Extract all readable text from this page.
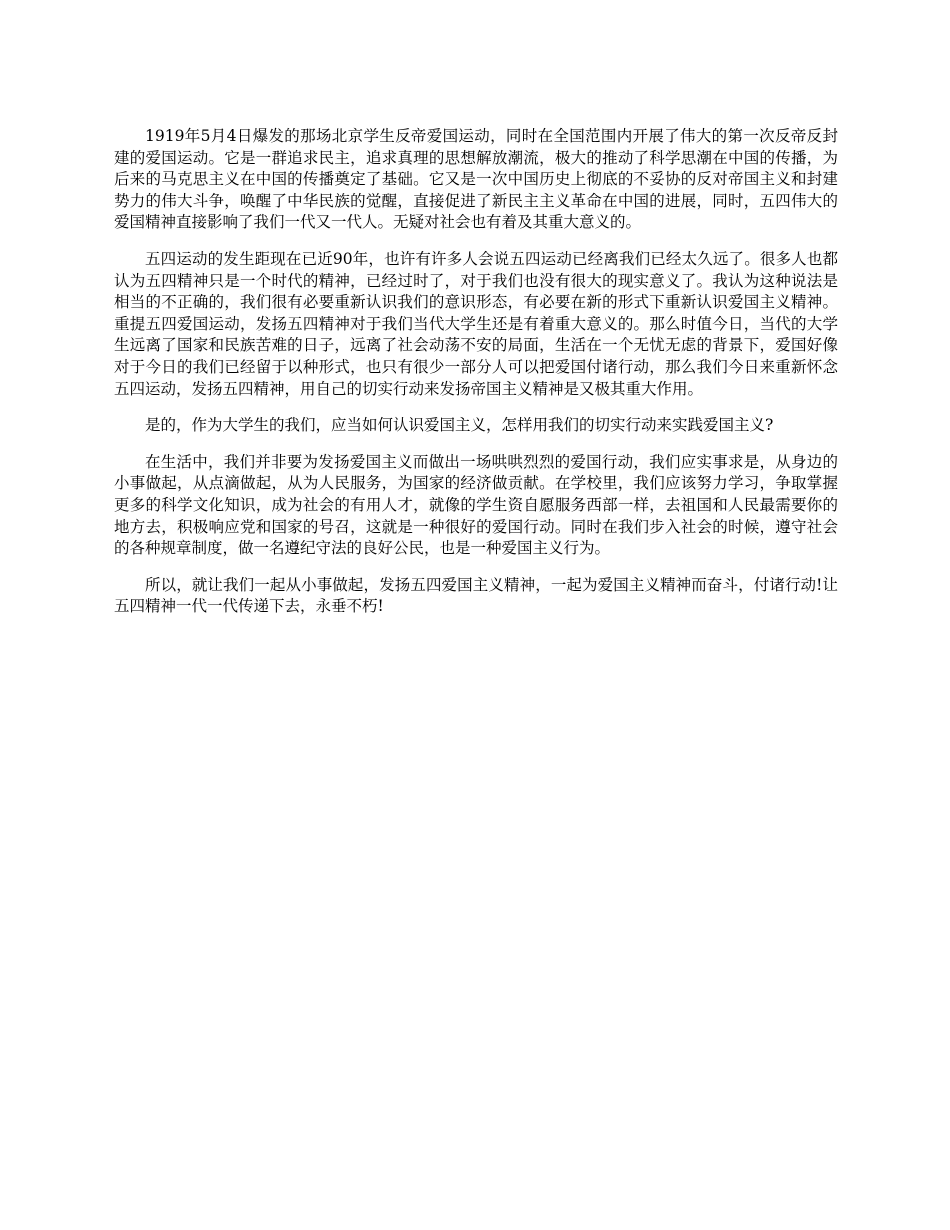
1919年5月4日爆发的那场北京学生反帝爱国运动，同时在全国范围内开展了伟大的第一次反帝反封建的爱国运动。它是一群追求民主，追求真理的思想解放潮流，极大的推动了科学思潮在中国的传播，为后来的马克思主义在中国的传播奠定了基础。它又是一次中国历史上彻底的不妥协的反对帝国主义和封建势力的伟大斗争，唤醒了中华民族的觉醒，直接促进了新民主主义革命在中国的进展，同时，五四伟大的爱国精神直接影响了我们一代又一代人。无疑对社会也有着及其重大意义的。

五四运动的发生距现在已近90年，也许有许多人会说五四运动已经离我们已经太久远了。很多人也都认为五四精神只是一个时代的精神，已经过时了，对于我们也没有很大的现实意义了。我认为这种说法是相当的不正确的，我们很有必要重新认识我们的意识形态，有必要在新的形式下重新认识爱国主义精神。重提五四爱国运动，发扬五四精神对于我们当代大学生还是有着重大意义的。那么时值今日，当代的大学生远离了国家和民族苦难的日子，远离了社会动荡不安的局面，生活在一个无忧无虑的背景下，爱国好像对于今日的我们已经留于以种形式，也只有很少一部分人可以把爱国付诸行动，那么我们今日来重新怀念五四运动，发扬五四精神，用自己的切实行动来发扬帝国主义精神是又极其重大作用。

是的，作为大学生的我们，应当如何认识爱国主义，怎样用我们的切实行动来实践爱国主义?

在生活中，我们并非要为发扬爱国主义而做出一场哄哄烈烈的爱国行动，我们应实事求是，从身边的小事做起，从点滴做起，从为人民服务，为国家的经济做贡献。在学校里，我们应该努力学习，争取掌握更多的科学文化知识，成为社会的有用人才，就像的学生资自愿服务西部一样，去祖国和人民最需要你的地方去，积极响应党和国家的号召，这就是一种很好的爱国行动。同时在我们步入社会的时候，遵守社会的各种规章制度，做一名遵纪守法的良好公民，也是一种爱国主义行为。

所以，就让我们一起从小事做起，发扬五四爱国主义精神，一起为爱国主义精神而奋斗，付诸行动!让五四精神一代一代传递下去，永垂不朽!
